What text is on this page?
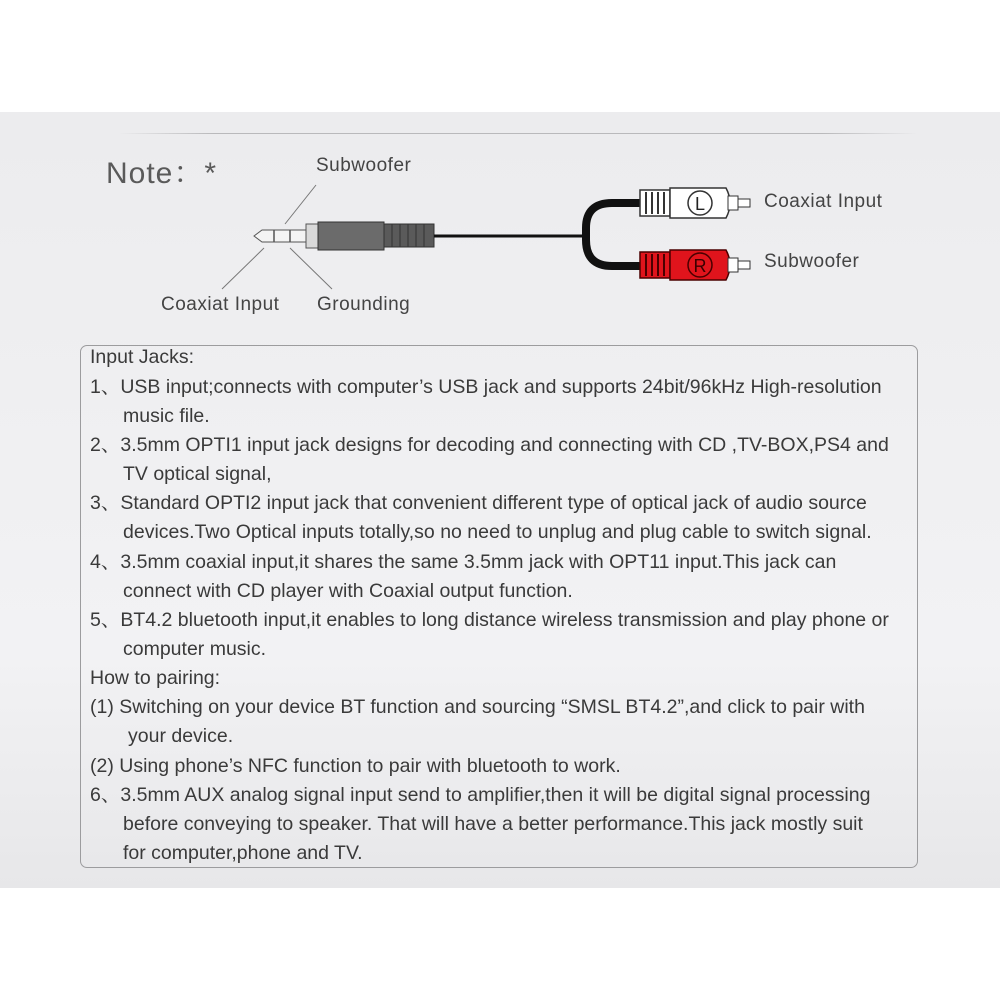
Note：*
L
R
Subwoofer
Coaxiat Input Grounding
Coaxiat Input
Subwoofer
Input Jacks:
1、USB input;connects with computer’s USB jack and supports 24bit/96kHz High-resolution
music file.
2、3.5mm OPTI1 input jack designs for decoding and connecting with CD ,TV-BOX,PS4 and
TV optical signal,
3、Standard OPTI2 input jack that convenient different type of optical jack of audio source
devices.Two Optical inputs totally,so no need to unplug and plug cable to switch signal.
4、3.5mm coaxial input,it shares the same 3.5mm jack with OPT11 input.This jack can
connect with CD player with Coaxial output function.
5、BT4.2 bluetooth input,it enables to long distance wireless transmission and play phone or
computer music.
How to pairing:
(1) Switching on your device BT function and sourcing “SMSL BT4.2”,and click to pair with
your device.
(2) Using phone’s NFC function to pair with bluetooth to work.
6、3.5mm AUX analog signal input send to amplifier,then it will be digital signal processing
before conveying to speaker. That will have a better performance.This jack mostly suit
for computer,phone and TV.
